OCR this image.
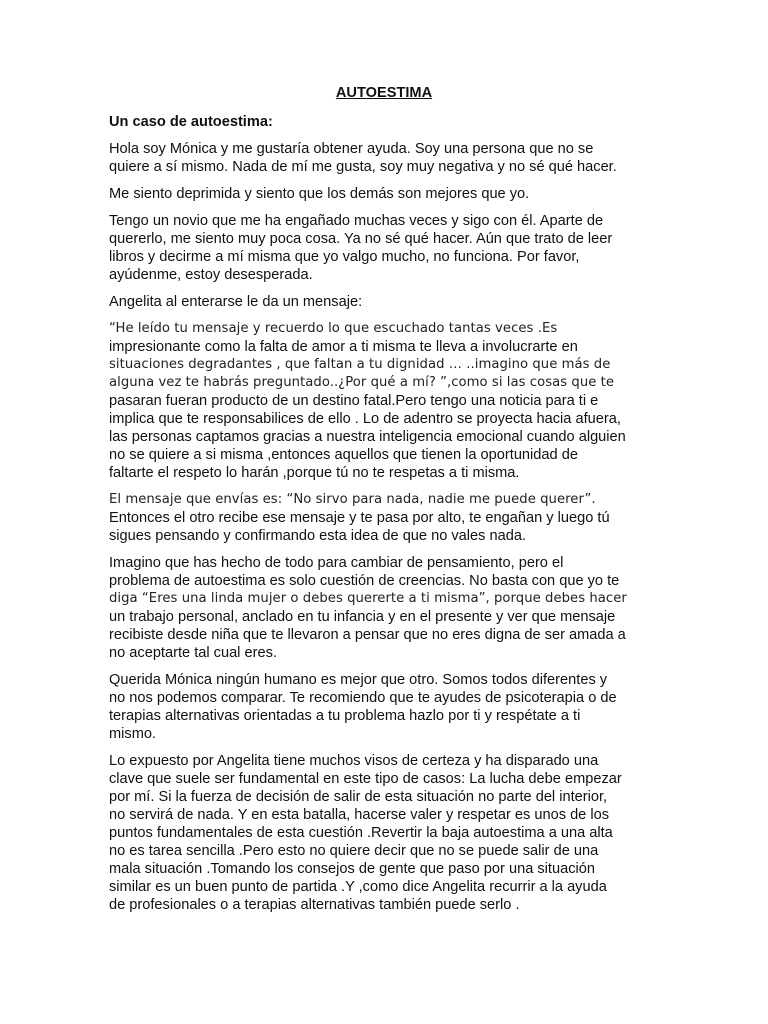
AUTOESTIMA
Un caso de autoestima:

Hola soy Mónica y me gustaría obtener ayuda. Soy una persona que no se
quiere a sí mismo. Nada de mí me gusta, soy muy negativa y no sé qué hacer.

Me siento deprimida y siento que los demás son mejores que yo.

Tengo un novio que me ha engañado muchas veces y sigo con él. Aparte de
quererlo, me siento muy poca cosa. Ya no sé qué hacer. Aún que trato de leer
libros y decirme a mí misma que yo valgo mucho, no funciona. Por favor,
ayúdenme, estoy desesperada.

Angelita al enterarse le da un mensaje:

“He leído tu mensaje y recuerdo lo que escuchado tantas veces .Es
impresionante como la falta de amor a ti misma te lleva a involucrarte en
situaciones degradantes , que faltan a tu dignidad … ..imagino que más de
alguna vez te habrás preguntado..¿Por qué a mí? ”,como si las cosas que te
pasaran fueran producto de un destino fatal.Pero tengo una noticia para ti e
implica que te responsabilices de ello . Lo de adentro se proyecta hacia afuera,
las personas captamos gracias a nuestra inteligencia emocional cuando alguien
no se quiere a si misma ,entonces aquellos que tienen la oportunidad de
faltarte el respeto lo harán ,porque tú no te respetas a ti misma.

El mensaje que envías es: “No sirvo para nada, nadie me puede querer”.
Entonces el otro recibe ese mensaje y te pasa por alto, te engañan y luego tú
sigues pensando y confirmando esta idea de que no vales nada.

Imagino que has hecho de todo para cambiar de pensamiento, pero el
problema de autoestima es solo cuestión de creencias. No basta con que yo te
diga “Eres una linda mujer o debes quererte a ti misma”, porque debes hacer
un trabajo personal, anclado en tu infancia y en el presente y ver que mensaje
recibiste desde niña que te llevaron a pensar que no eres digna de ser amada a
no aceptarte tal cual eres.

Querida Mónica ningún humano es mejor que otro. Somos todos diferentes y
no nos podemos comparar. Te recomiendo que te ayudes de psicoterapia o de
terapias alternativas orientadas a tu problema hazlo por ti y respétate a ti
mismo.

Lo expuesto por Angelita tiene muchos visos de certeza y ha disparado una
clave que suele ser fundamental en este tipo de casos: La lucha debe empezar
por mí. Si la fuerza de decisión de salir de esta situación no parte del interior,
no servirá de nada. Y en esta batalla, hacerse valer y respetar es unos de los
puntos fundamentales de esta cuestión .Revertir la baja autoestima a una alta
no es tarea sencilla .Pero esto no quiere decir que no se puede salir de una
mala situación .Tomando los consejos de gente que paso por una situación
similar es un buen punto de partida .Y ,como dice Angelita recurrir a la ayuda
de profesionales o a terapias alternativas también puede serlo .
